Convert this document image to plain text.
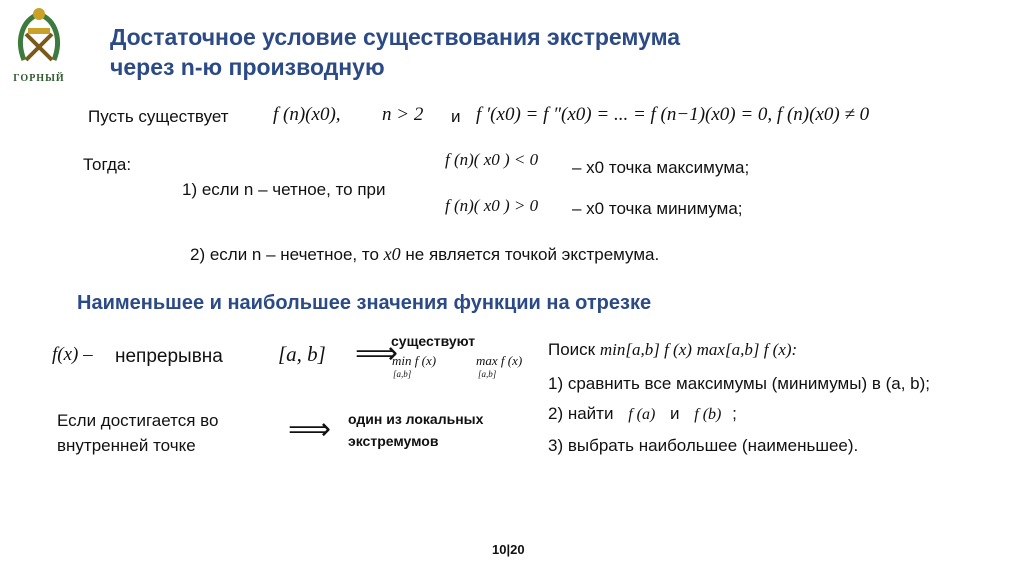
ГОРНЫЙ
Достаточное условие существования экстремума
через n-ю производную
Пусть существует f (n)(x0), n > 2 и f ′(x0) = f ″(x0) = ... = f (n−1)(x0) = 0, f (n)(x0) ≠ 0
Тогда:
1) если n – четное, то при
f (n)( x0 ) < 0 – x0 точка максимума;
f (n)( x0 ) > 0 – x0 точка минимума;
2) если n – нечетное, то x0 не является точкой экстремума.
Наименьшее и наибольшее значения функции на отрезке
f(x) – непрерывна	[a, b] ⟹
существуют
min f (x)
[a,b]
max f (x)
[a,b]
Поиск min[a,b] f (x) max[a,b] f (x):
1) сравнить все максимумы (минимумы) в (a, b);
2) найти f (a) и f (b) ;
3) выбрать наибольшее (наименьшее).
Если достигается во
внутренней точке	⟹ один из локальных
экстремумов
10|20
